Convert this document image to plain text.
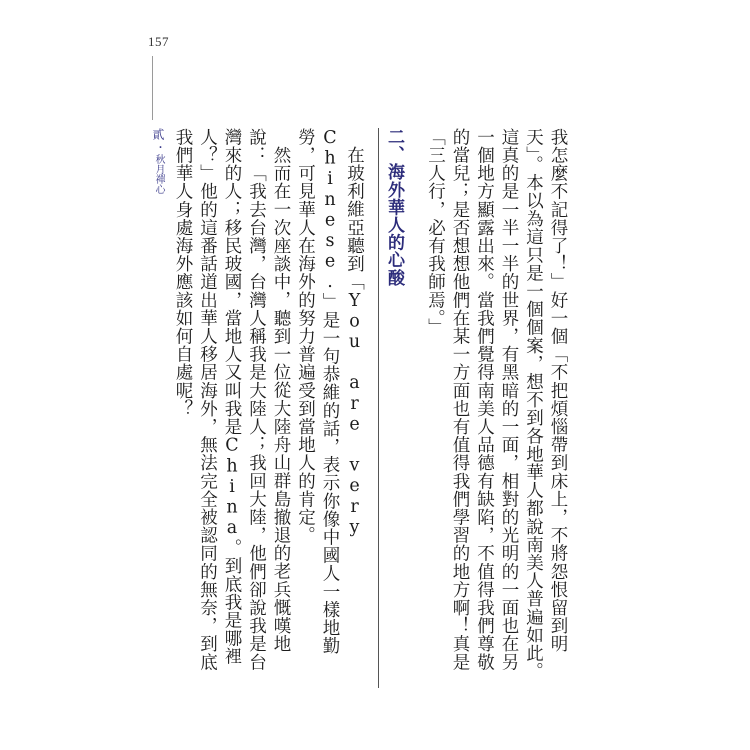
157
貳・秋月禪心	我怎麼不記得了！」好一個「不把煩惱帶到床上，不將怨恨留到明天」。本以為這只是一個個案，想不到各地華人都說南美人普遍如此。這真的是一半一半的世界，有黑暗的一面，相對的光明的一面也在另一個地方顯露出來。當我們覺得南美人品德有缺陷，不值得我們尊敬的當兒；是否想想他們在某一方面也有值得我們學習的地方啊！真是「三人行，必有我師焉。」

二、海外華人的心酸

在玻利維亞聽到「You are very Chinese.」是一句恭維的話，表示你像中國人一樣地勤勞，可見華人在海外的努力普遍受到當地人的肯定。

然而在一次座談中，聽到一位從大陸舟山群島撤退的老兵慨嘆地說：「我去台灣，台灣人稱我是大陸人；我回大陸，他們卻說我是台灣來的人；移民玻國，當地人又叫我是China。到底我是哪裡人？」他的這番話道出華人移居海外，無法完全被認同的無奈，到底我們華人身處海外應該如何自處呢？
